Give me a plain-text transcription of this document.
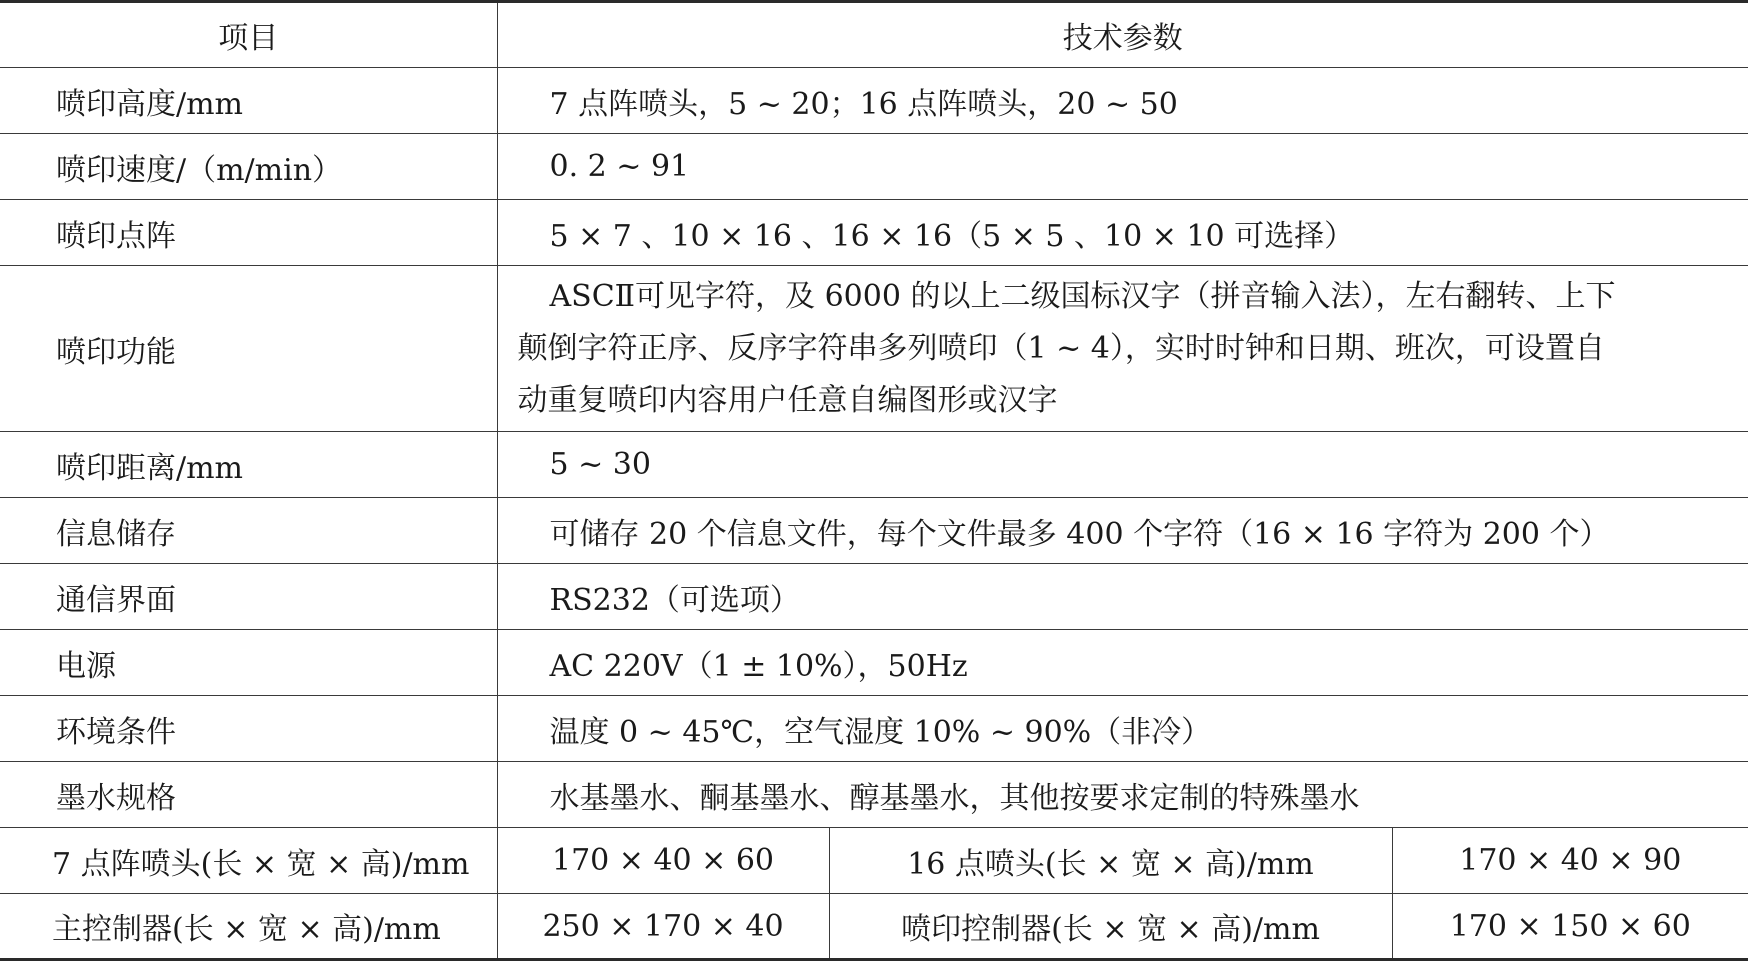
项目	技术参数		
喷印高度/mm	7 点阵喷头，5 ~ 20；16 点阵喷头，20 ~ 50		
喷印速度/（m/min）	0. 2 ~ 91		
喷印点阵	5 × 7 、10 × 16 、16 × 16（5 × 5 、10 × 10 可选择）		
喷印功能	ASCⅡ可见字符，及 6000 的以上二级国标汉字（拼音输入法），左右翻转、上下
颠倒字符正序、反序字符串多列喷印（1 ~ 4），实时时钟和日期、班次，可设置自
动重复喷印内容用户任意自编图形或汉字		

喷印距离/mm	5 ~ 30		
信息储存	可储存 20 个信息文件，每个文件最多 400 个字符（16 × 16 字符为 200 个）		
通信界面	RS232（可选项）		
电源	AC 220V（1 ± 10%），50Hz		
环境条件	温度 0 ~ 45℃，空气湿度 10% ~ 90%（非冷）		
墨水规格	水基墨水、酮基墨水、醇基墨水，其他按要求定制的特殊墨水		
7 点阵喷头(长 × 宽 × 高)/mm	170 × 40 × 60	16 点喷头(长 × 宽 × 高)/mm	170 × 40 × 90
主控制器(长 × 宽 × 高)/mm	250 × 170 × 40	喷印控制器(长 × 宽 × 高)/mm	170 × 150 × 60
